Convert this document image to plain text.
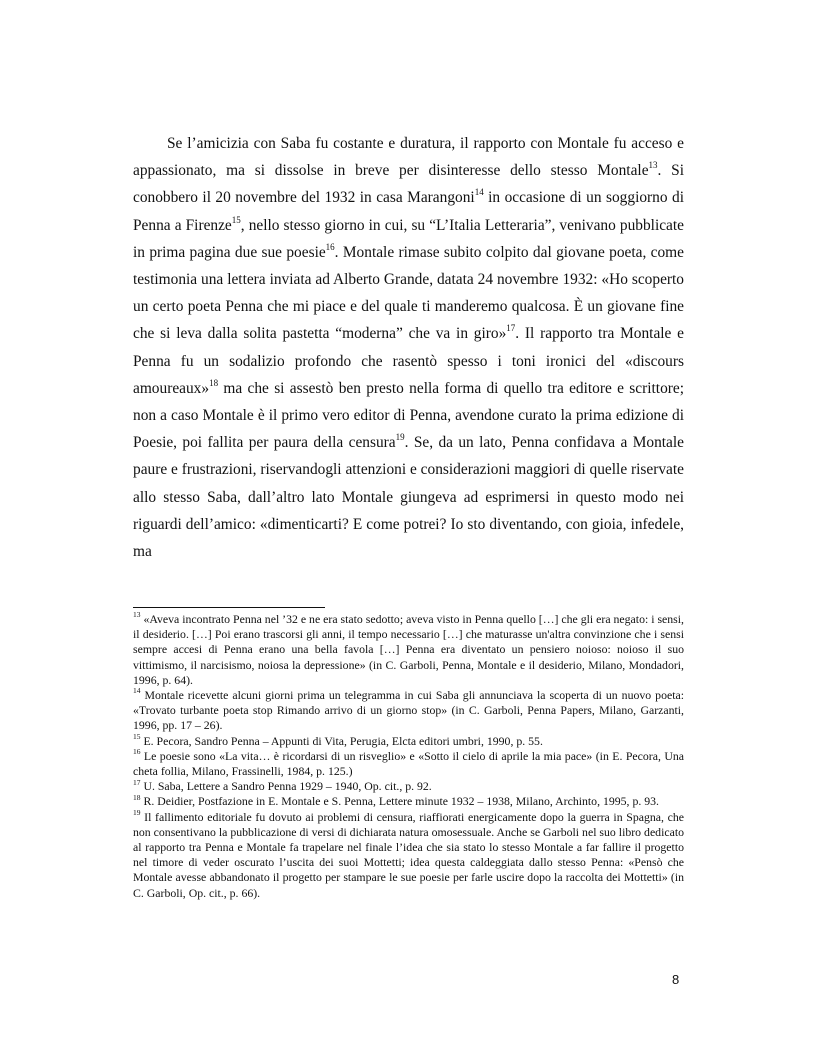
Se l’amicizia con Saba fu costante e duratura, il rapporto con Montale fu acceso e appassionato, ma si dissolse in breve per disinteresse dello stesso Montale$^{13}$. Si conobbero il 20 novembre del 1932 in casa Marangoni$^{14}$ in occasione di un soggiorno di Penna a Firenze$^{15}$, nello stesso giorno in cui, su “L’Italia Letteraria”, venivano pubblicate in prima pagina due sue poesie$^{16}$. Montale rimase subito colpito dal giovane poeta, come testimonia una lettera inviata ad Alberto Grande, datata 24 novembre 1932: «Ho scoperto un certo poeta Penna che mi piace e del quale ti manderemo qualcosa. È un giovane fine che si leva dalla solita pastetta “moderna” che va in giro»$^{17}$. Il rapporto tra Montale e Penna fu un sodalizio profondo che rasentò spesso i toni ironici del «discours amoureaux»$^{18}$ ma che si assestò ben presto nella forma di quello tra editore e scrittore; non a caso Montale è il primo vero editor di Penna, avendone curato la prima edizione di Poesie, poi fallita per paura della censura$^{19}$. Se, da un lato, Penna confidava a Montale paure e frustrazioni, riservandogli attenzioni e considerazioni maggiori di quelle riservate allo stesso Saba, dall’altro lato Montale giungeva ad esprimersi in questo modo nei riguardi dell’amico: «dimenticarti? E come potrei? Io sto diventando, con gioia, infedele, ma

$^{13}$ «Aveva incontrato Penna nel ’32 e ne era stato sedotto; aveva visto in Penna quello […] che gli era negato: i sensi, il desiderio. […] Poi erano trascorsi gli anni, il tempo necessario […] che maturasse un'altra convinzione che i sensi sempre accesi di Penna erano una bella favola […] Penna era diventato un pensiero noioso: noioso il suo vittimismo, il narcisismo, noiosa la depressione» (in C. Garboli, Penna, Montale e il desiderio, Milano, Mondadori, 1996, p. 64).

$^{14}$ Montale ricevette alcuni giorni prima un telegramma in cui Saba gli annunciava la scoperta di un nuovo poeta: «Trovato turbante poeta stop Rimando arrivo di un giorno stop» (in C. Garboli, Penna Papers, Milano, Garzanti, 1996, pp. 17 – 26).

$^{15}$ E. Pecora, Sandro Penna – Appunti di Vita, Perugia, Elcta editori umbri, 1990, p. 55.

$^{16}$ Le poesie sono «La vita… è ricordarsi di un risveglio» e «Sotto il cielo di aprile la mia pace» (in E. Pecora, Una cheta follia, Milano, Frassinelli, 1984, p. 125.)

$^{17}$ U. Saba, Lettere a Sandro Penna 1929 – 1940, Op. cit., p. 92.

$^{18}$ R. Deidier, Postfazione in E. Montale e S. Penna, Lettere minute 1932 – 1938, Milano, Archinto, 1995, p. 93.

$^{19}$ Il fallimento editoriale fu dovuto ai problemi di censura, riaffiorati energicamente dopo la guerra in Spagna, che non consentivano la pubblicazione di versi di dichiarata natura omosessuale. Anche se Garboli nel suo libro dedicato al rapporto tra Penna e Montale fa trapelare nel finale l’idea che sia stato lo stesso Montale a far fallire il progetto nel timore di veder oscurato l’uscita dei suoi Mottetti; idea questa caldeggiata dallo stesso Penna: «Pensò che Montale avesse abbandonato il progetto per stampare le sue poesie per farle uscire dopo la raccolta dei Mottetti» (in C. Garboli, Op. cit., p. 66).

8
